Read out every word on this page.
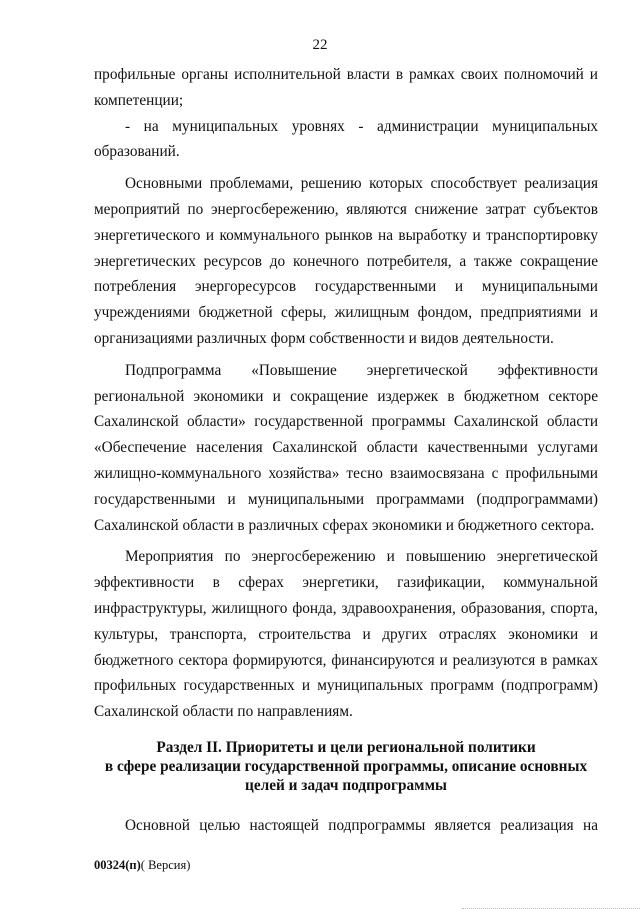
22

профильные органы исполнительной власти в рамках своих полномочий и компетенции;

- на муниципальных уровнях - администрации муниципальных образований.

Основными проблемами, решению которых способствует реализация мероприятий по энергосбережению, являются снижение затрат субъектов энергетического и коммунального рынков на выработку и транспортировку энергетических ресурсов до конечного потребителя, а также сокращение потребления энергоресурсов государственными и муниципальными учреждениями бюджетной сферы, жилищным фондом, предприятиями и организациями различных форм собственности и видов деятельности.

Подпрограмма «Повышение энергетической эффективности региональной экономики и сокращение издержек в бюджетном секторе Сахалинской области» государственной программы Сахалинской области «Обеспечение населения Сахалинской области качественными услугами жилищно-коммунального хозяйства» тесно взаимосвязана с профильными государственными и муниципальными программами (подпрограммами) Сахалинской области в различных сферах экономики и бюджетного сектора.

Мероприятия по энергосбережению и повышению энергетической эффективности в сферах энергетики, газификации, коммунальной инфраструктуры, жилищного фонда, здравоохранения, образования, спорта, культуры, транспорта, строительства и других отраслях экономики и бюджетного сектора формируются, финансируются и реализуются в рамках профильных государственных и муниципальных программ (подпрограмм) Сахалинской области по направлениям.

Раздел II. Приоритеты и цели региональной политики
в сфере реализации государственной программы, описание основных
целей и задач подпрограммы

Основной целью настоящей подпрограммы является реализация на

00324(п)( Версия)
